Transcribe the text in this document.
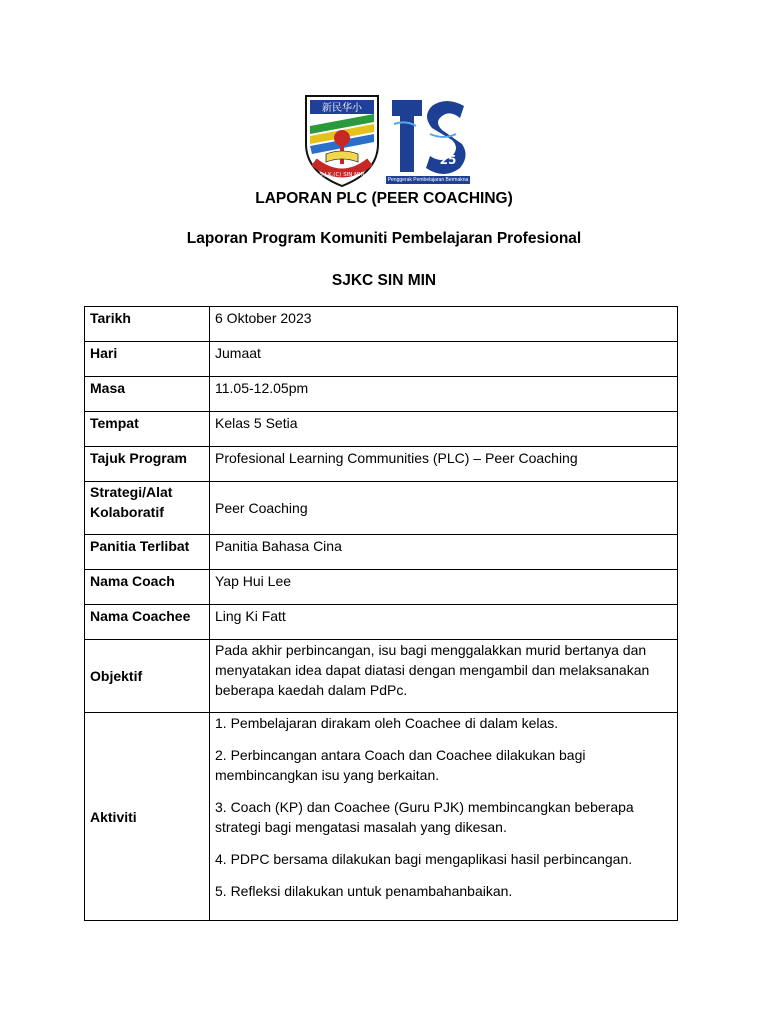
新民华小
S.J.K.(C) SIN MIN
25
Penggerak Pembelajaran Bermakna
LAPORAN PLC (PEER COACHING)
Laporan Program Komuniti Pembelajaran Profesional
SJKC SIN MIN
Tarikh	6 Oktober 2023
Hari	Jumaat
Masa	11.05-12.05pm
Tempat	Kelas 5 Setia
Tajuk Program	Profesional Learning Communities (PLC) – Peer Coaching
Strategi/Alat Kolaboratif	Peer Coaching
Panitia Terlibat	Panitia Bahasa Cina
Nama Coach	Yap Hui Lee
Nama Coachee	Ling Ki Fatt
Objektif	Pada akhir perbincangan, isu bagi menggalakkan murid bertanya dan menyatakan idea dapat diatasi dengan mengambil dan melaksanakan beberapa kaedah dalam PdPc.
Aktiviti	1. Pembelajaran dirakam oleh Coachee di dalam kelas.

2. Perbincangan antara Coach dan Coachee dilakukan bagi membincangkan isu yang berkaitan.

3. Coach (KP) dan Coachee (Guru PJK) membincangkan beberapa strategi bagi mengatasi masalah yang dikesan.

4. PDPC bersama dilakukan bagi mengaplikasi hasil perbincangan.

5. Refleksi dilakukan untuk penambahanbaikan.
